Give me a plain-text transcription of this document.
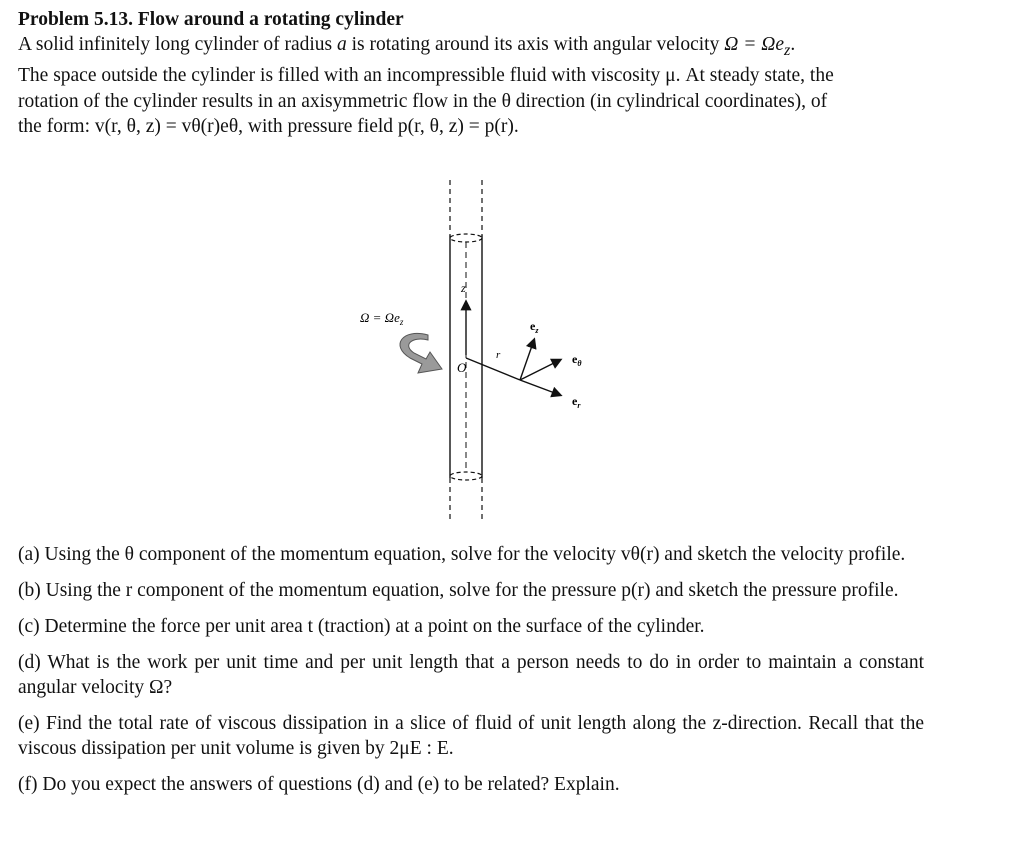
Problem 5.13. Flow around a rotating cylinder

A solid infinitely long cylinder of radius a is rotating around its axis with angular velocity $\Omega = \Omega e_z$.
The space outside the cylinder is filled with an incompressible fluid with viscosity μ. At steady state, the
rotation of the cylinder results in an axisymmetric flow in the θ direction (in cylindrical coordinates), of
the form: v(r, θ, z) = vθ(r)eθ, with pressure field p(r, θ, z) = p(r).
z
r
O
$e_z$
$e_\theta$
$e_r$
$\Omega = \Omega e_z$

(a) Using the θ component of the momentum equation, solve for the velocity vθ(r) and sketch the velocity profile.

(b) Using the r component of the momentum equation, solve for the pressure p(r) and sketch the pressure profile.

(c) Determine the force per unit area t (traction) at a point on the surface of the cylinder.

(d) What is the work per unit time and per unit length that a person needs to do in order to maintain a constant angular velocity Ω?

(e) Find the total rate of viscous dissipation in a slice of fluid of unit length along the z-direction. Recall that the viscous dissipation per unit volume is given by 2μE : E.

(f) Do you expect the answers of questions (d) and (e) to be related? Explain.
